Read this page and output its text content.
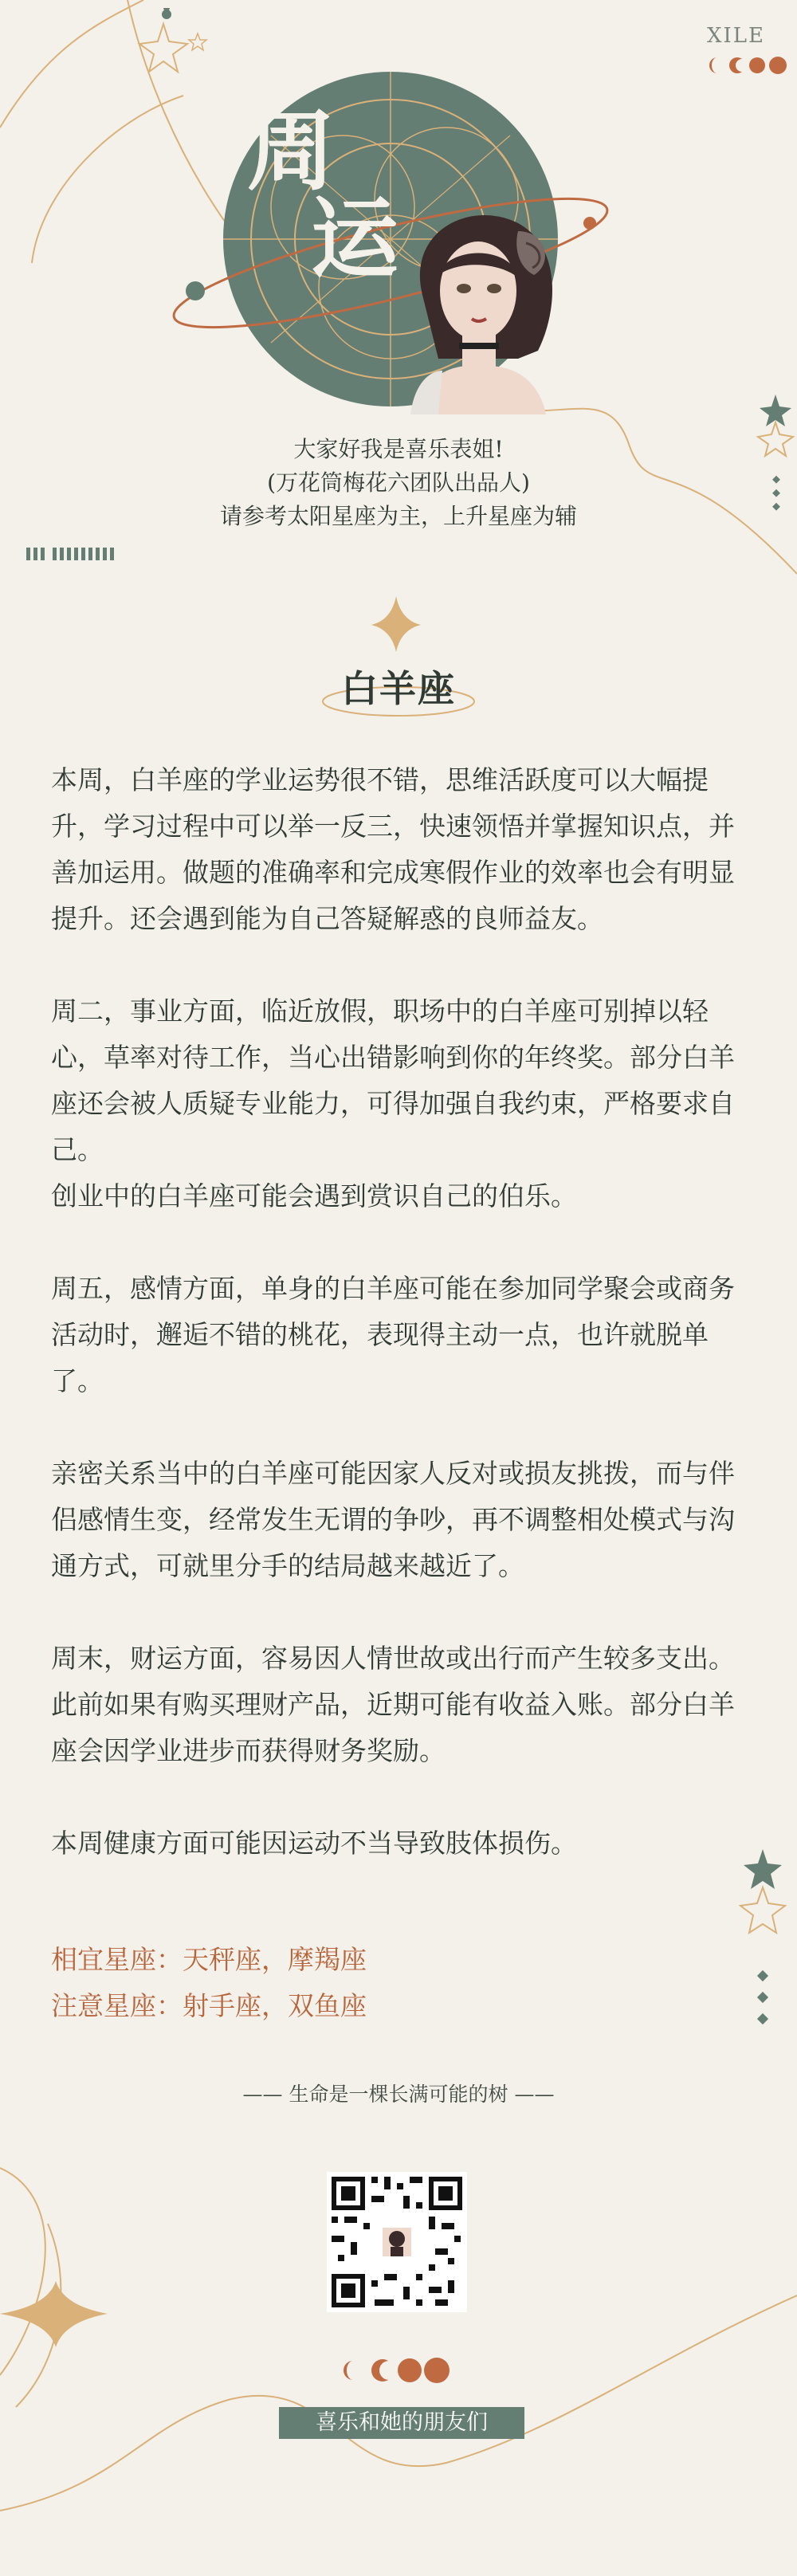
XILE
周
运
大家好我是喜乐表姐!
(万花筒梅花六团队出品人)
请参考太阳星座为主，上升星座为辅
白羊座

本周，白羊座的学业运势很不错，思维活跃度可以大幅提升，学习过程中可以举一反三，快速领悟并掌握知识点，并善加运用。做题的准确率和完成寒假作业的效率也会有明显提升。还会遇到能为自己答疑解惑的良师益友。

周二，事业方面，临近放假，职场中的白羊座可别掉以轻心，草率对待工作，当心出错影响到你的年终奖。部分白羊座还会被人质疑专业能力，可得加强自我约束，严格要求自己。

创业中的白羊座可能会遇到赏识自己的伯乐。

周五，感情方面，单身的白羊座可能在参加同学聚会或商务活动时，邂逅不错的桃花，表现得主动一点，也许就脱单了。

亲密关系当中的白羊座可能因家人反对或损友挑拨，而与伴侣感情生变，经常发生无谓的争吵，再不调整相处模式与沟通方式，可就里分手的结局越来越近了。

周末，财运方面，容易因人情世故或出行而产生较多支出。此前如果有购买理财产品，近期可能有收益入账。部分白羊座会因学业进步而获得财务奖励。

本周健康方面可能因运动不当导致肢体损伤。

相宜星座：天秤座，摩羯座
注意星座：射手座，双鱼座
—— 生命是一棵长满可能的树 ——
喜乐和她的朋友们
